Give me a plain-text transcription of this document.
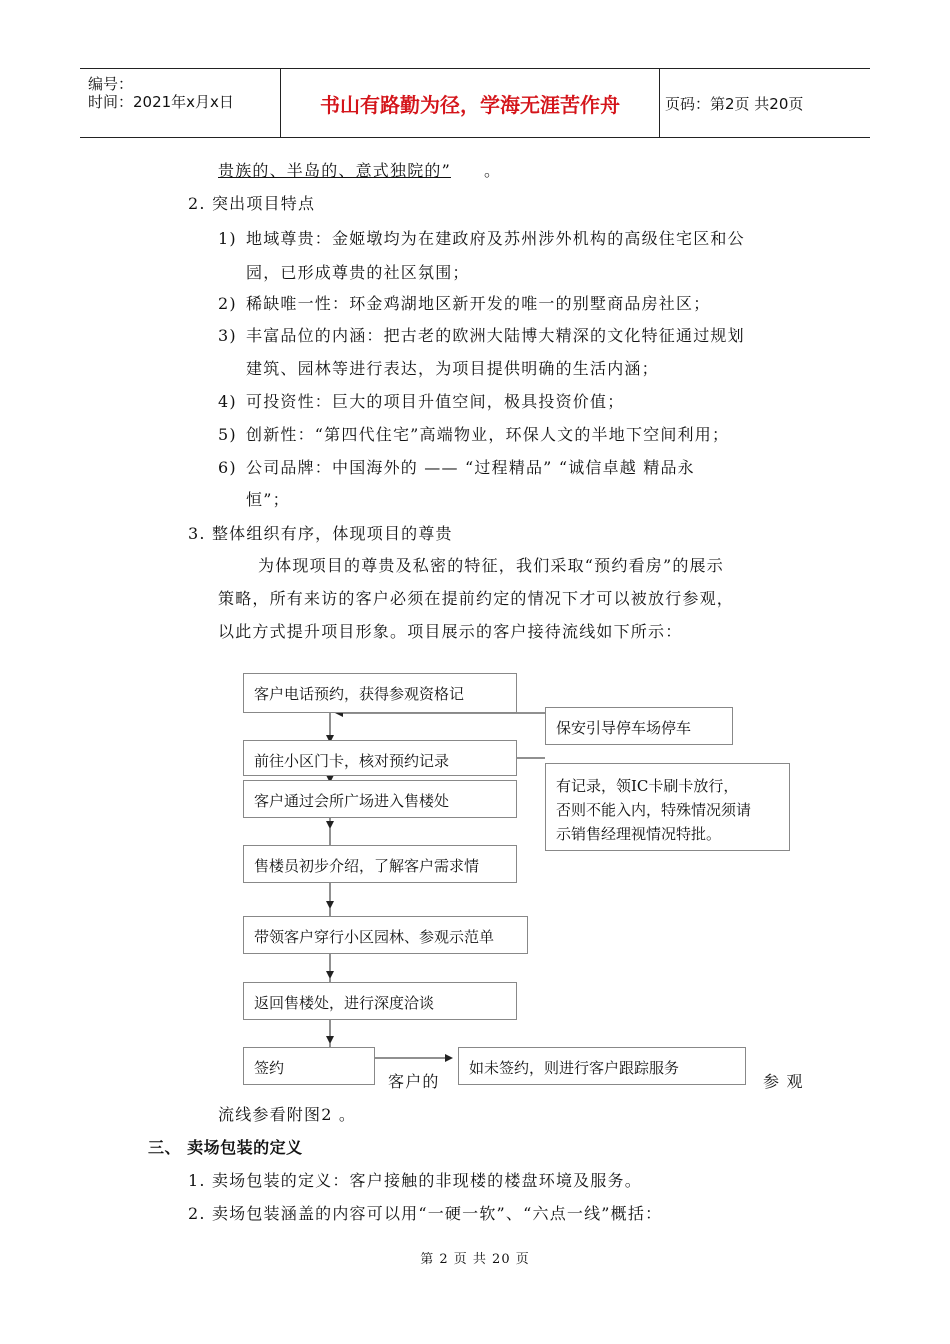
编号：
时间：2021年x月x日	书山有路勤为径，学海无涯苦作舟	页码：第2页 共20页
贵族的、半岛的、意式独院的” 。
2. 突出项目特点
1) 地域尊贵：金姬墩均为在建政府及苏州涉外机构的高级住宅区和公
园，已形成尊贵的社区氛围；
2) 稀缺唯一性：环金鸡湖地区新开发的唯一的别墅商品房社区；
3) 丰富品位的内涵：把古老的欧洲大陆博大精深的文化特征通过规划
建筑、园林等进行表达，为项目提供明确的生活内涵；
4) 可投资性：巨大的项目升值空间，极具投资价值；
5) 创新性：“第四代住宅”高端物业，环保人文的半地下空间利用；
6) 公司品牌：中国海外的 —— “过程精品” “诚信卓越 精品永
恒”；
3. 整体组织有序，体现项目的尊贵
为体现项目的尊贵及私密的特征，我们采取“预约看房”的展示
策略，所有来访的客户必须在提前约定的情况下才可以被放行参观，
以此方式提升项目形象。项目展示的客户接待流线如下所示：
客户电话预约，获得参观资格记
前往小区门卡，核对预约记录
客户通过会所广场进入售楼处
售楼员初步介绍，了解客户需求情
带领客户穿行小区园林、参观示范单
返回售楼处，进行深度洽谈
签约
保安引导停车场停车
有记录，领IC卡刷卡放行，
否则不能入内，特殊情况须请
示销售经理视情况特批。
如未签约，则进行客户跟踪服务
客户的	参 观
流线参看附图2 。
三、 卖场包装的定义
1. 卖场包装的定义：客户接触的非现楼的楼盘环境及服务。
2. 卖场包装涵盖的内容可以用“一硬一软”、“六点一线”概括：
第 2 页 共 20 页
